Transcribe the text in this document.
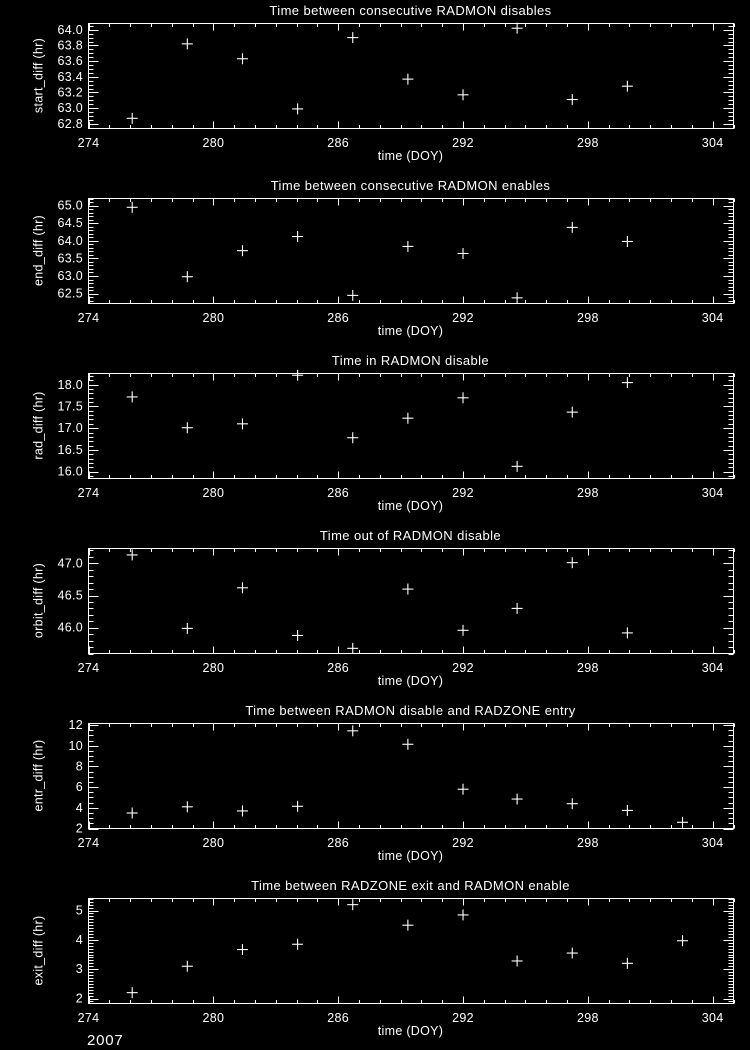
Time between consecutive RADMON disables
start_diff (hr)
274	280	286	292	298	304
62.8
63.0
63.2
63.4
63.6
63.8
64.0
time (DOY)
Time between consecutive RADMON enables
end_diff (hr)
274	280	286	292	298	304
62.5
63.0
63.5
64.0
64.5
65.0
time (DOY)
Time in RADMON disable
rad_diff (hr)
274	280	286	292	298	304
16.0
16.5
17.0
17.5
18.0
time (DOY)
Time out of RADMON disable
orbit_diff (hr)
274	280	286	292	298	304
46.0
46.5
47.0
time (DOY)
Time between RADMON disable and RADZONE entry
entr_diff (hr)
274	280	286	292	298	304
2
4
6
8
10
12
time (DOY)
Time between RADZONE exit and RADMON enable
exit_diff (hr)
274	280	286	292	298	304
2
3
4
5
time (DOY)
2007
